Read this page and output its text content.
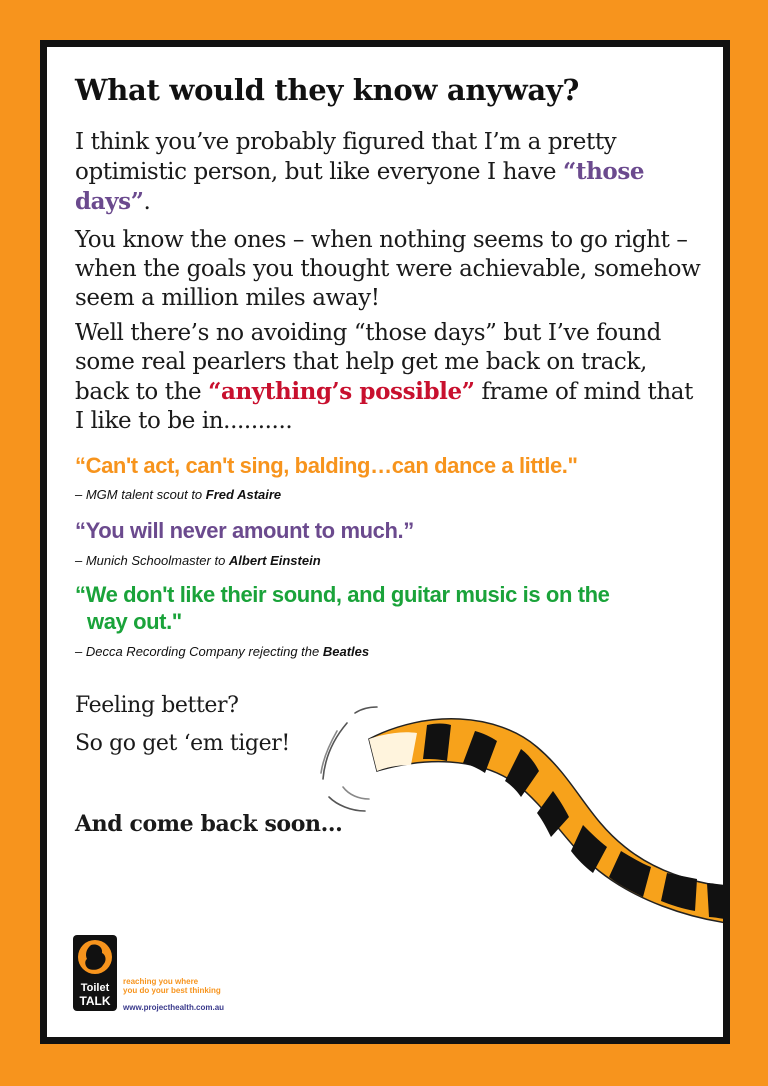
What would they know anyway?

I think you’ve probably figured that I’m a pretty optimistic person, but like everyone I have “those days”.

You know the ones – when nothing seems to go right – when the goals you thought were achievable, somehow seem a million miles away!

Well there’s no avoiding “those days” but I’ve found some real pearlers that help get me back on track, back to the “anything’s possible” frame of mind that I like to be in..........

“Can't act, can't sing, balding…can dance a little."

– MGM talent scout to Fred Astaire

“You will never amount to much.”

– Munich Schoolmaster to Albert Einstein

“We don't like their sound, and guitar music is on the
way out."

– Decca Recording Company rejecting the Beatles

Feeling better?

So go get ‘em tiger!

And come back soon...

Toilet
TALK
reaching you where
you do your best thinking
www.projecthealth.com.au
